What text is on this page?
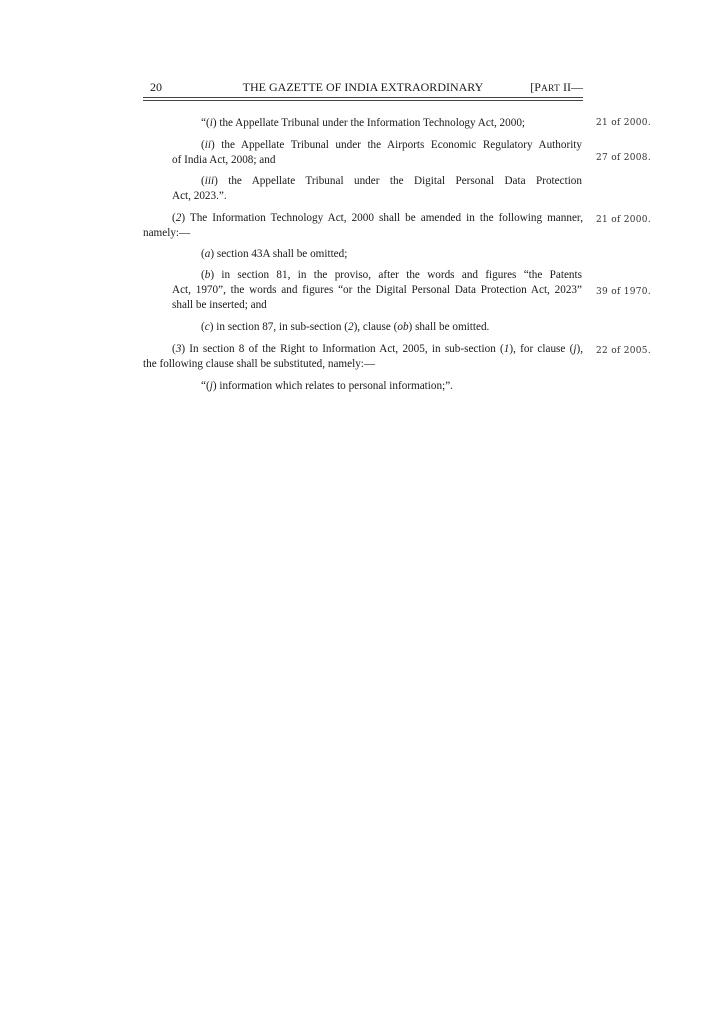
20	THE GAZETTE OF INDIA EXTRAORDINARY	[PART II—
“(i) the Appellate Tribunal under the Information Technology Act, 2000;	21 of 2000.
(ii) the Appellate Tribunal under the Airports Economic Regulatory Authority
of India Act, 2008; and	27 of 2008.
(iii) the Appellate Tribunal under the Digital Personal Data Protection
Act, 2023.”.
(2) The Information Technology Act, 2000 shall be amended in the following manner,
namely:—
21 of 2000.
(a) section 43A shall be omitted;
(b) in section 81, in the proviso, after the words and figures “the Patents
Act, 1970”, the words and figures “or the Digital Personal Data Protection Act, 2023”
shall be inserted; and
39 of 1970.
(c) in section 87, in sub-section (2), clause (ob) shall be omitted.
(3) In section 8 of the Right to Information Act, 2005, in sub-section (1), for clause (j),
the following clause shall be substituted, namely:—
22 of 2005.
“(j) information which relates to personal information;”.
